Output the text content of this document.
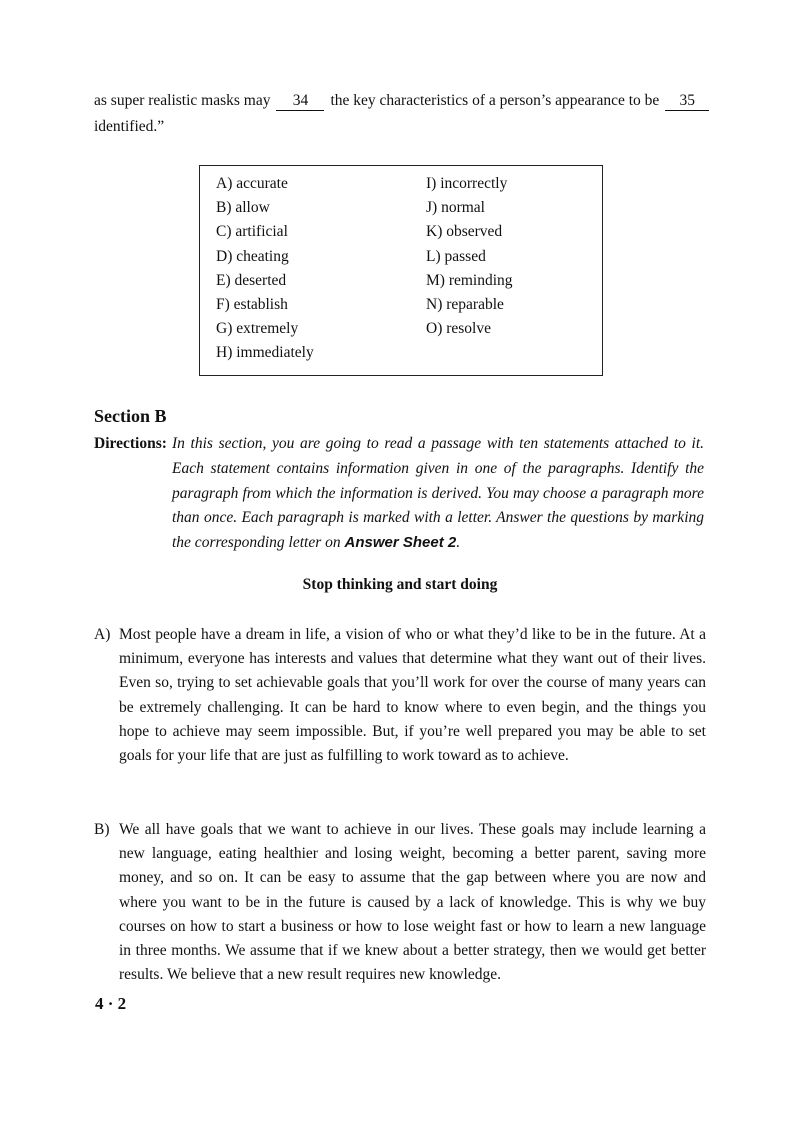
as super realistic masks may 34 the key characteristics of a person’s appearance to be 35
identified.”
A) accurate
B) allow
C) artificial
D) cheating
E) deserted
F) establish
G) extremely
H) immediately
I) incorrectly
J) normal
K) observed
L) passed
M) reminding
N) reparable
O) resolve
Section B
Directions: In this section, you are going to read a passage with ten statements attached to it. Each statement contains information given in one of the paragraphs. Identify the paragraph from which the information is derived. You may choose a paragraph more than once. Each paragraph is marked with a letter. Answer the questions by marking the corresponding letter on Answer Sheet 2.
Stop thinking and start doing
A) Most people have a dream in life, a vision of who or what they’d like to be in the future. At a minimum, everyone has interests and values that determine what they want out of their lives. Even so, trying to set achievable goals that you’ll work for over the course of many years can be extremely challenging. It can be hard to know where to even begin, and the things you hope to achieve may seem impossible. But, if you’re well prepared you may be able to set goals for your life that are just as fulfilling to work toward as to achieve.
B) We all have goals that we want to achieve in our lives. These goals may include learning a new language, eating healthier and losing weight, becoming a better parent, saving more money, and so on. It can be easy to assume that the gap between where you are now and where you want to be in the future is caused by a lack of knowledge. This is why we buy courses on how to start a business or how to lose weight fast or how to learn a new language in three months. We assume that if we knew about a better strategy, then we would get better results. We believe that a new result requires new knowledge.
4 · 2
